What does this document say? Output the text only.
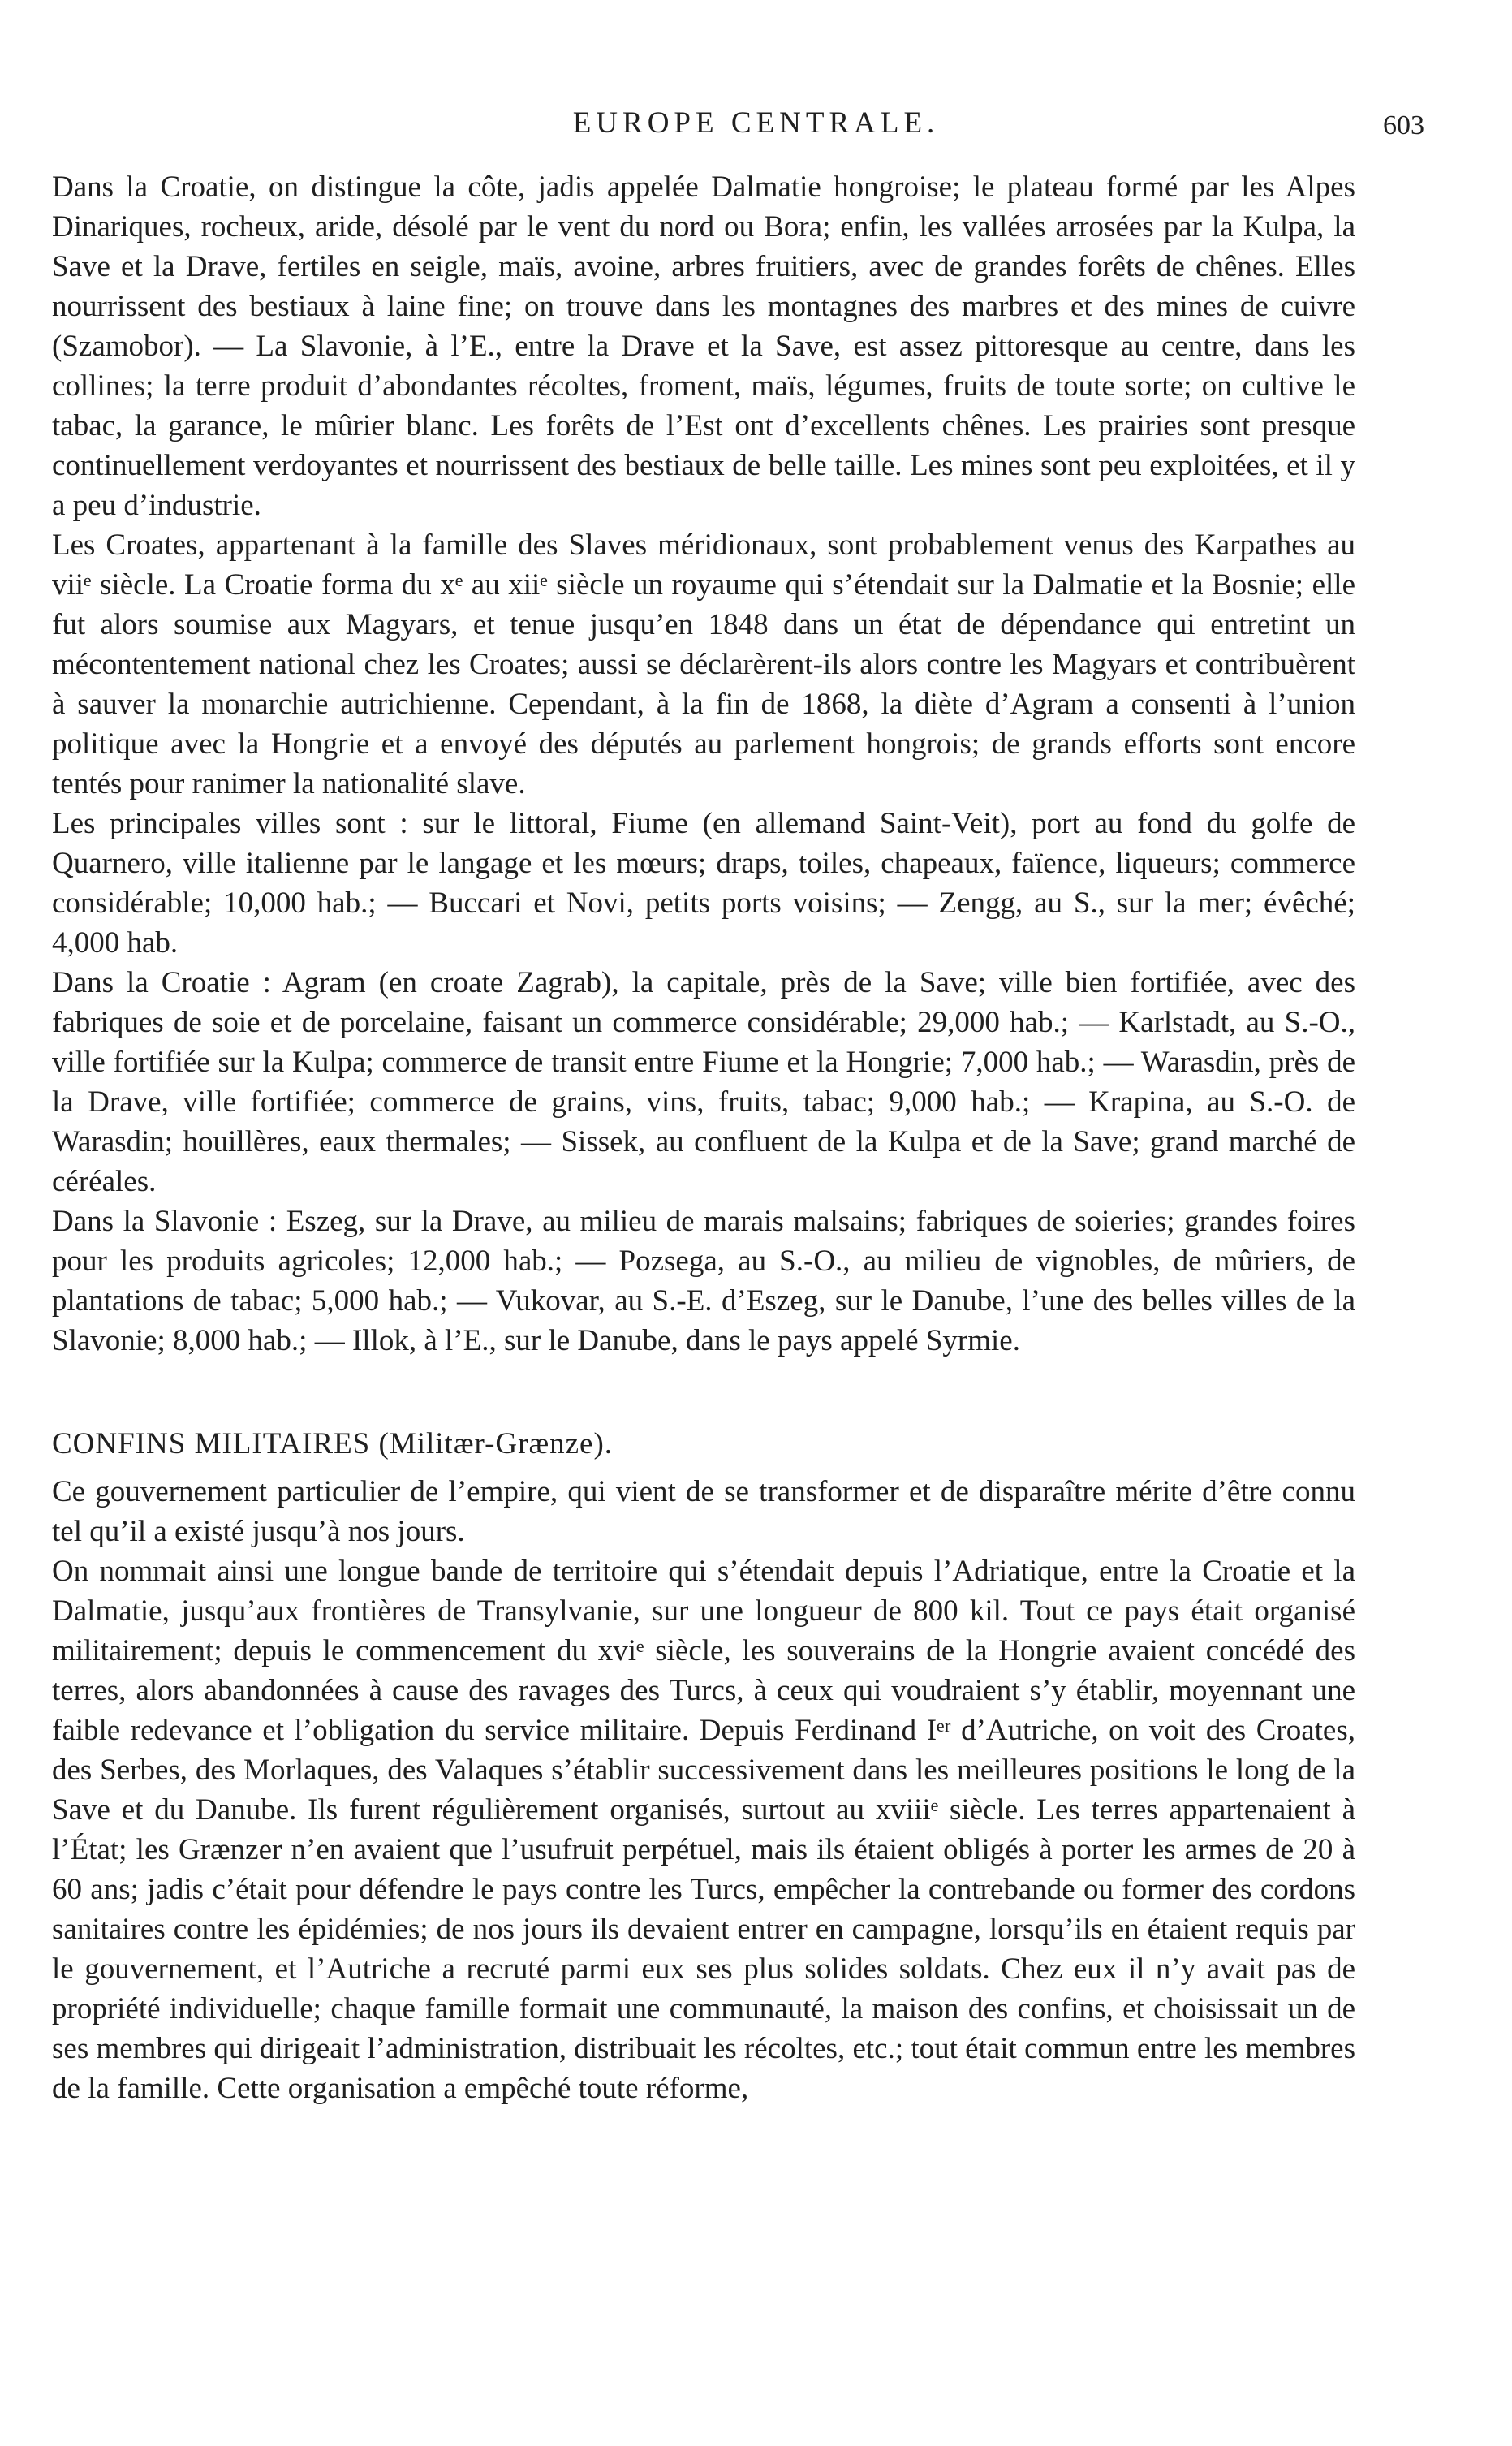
EUROPE CENTRALE.	603

Dans la Croatie, on distingue la côte, jadis appelée Dalmatie hongroise; le plateau formé par les Alpes Dinariques, rocheux, aride, désolé par le vent du nord ou Bora; enfin, les vallées arrosées par la Kulpa, la Save et la Drave, fertiles en seigle, maïs, avoine, arbres fruitiers, avec de grandes forêts de chênes. Elles nourrissent des bestiaux à laine fine; on trouve dans les montagnes des marbres et des mines de cuivre (Szamobor). — La Slavonie, à l’E., entre la Drave et la Save, est assez pittoresque au centre, dans les collines; la terre produit d’abondantes récoltes, froment, maïs, légumes, fruits de toute sorte; on cultive le tabac, la garance, le mûrier blanc. Les forêts de l’Est ont d’excellents chênes. Les prairies sont presque continuellement verdoyantes et nourrissent des bestiaux de belle taille. Les mines sont peu exploitées, et il y a peu d’industrie.

Les Croates, appartenant à la famille des Slaves méridionaux, sont probablement venus des Karpathes au viiᵉ siècle. La Croatie forma du xᵉ au xiiᵉ siècle un royaume qui s’étendait sur la Dalmatie et la Bosnie; elle fut alors soumise aux Magyars, et tenue jusqu’en 1848 dans un état de dépendance qui entretint un mécontentement national chez les Croates; aussi se déclarèrent-ils alors contre les Magyars et contribuèrent à sauver la monarchie autrichienne. Cependant, à la fin de 1868, la diète d’Agram a consenti à l’union politique avec la Hongrie et a envoyé des députés au parlement hongrois; de grands efforts sont encore tentés pour ranimer la nationalité slave.

Les principales villes sont : sur le littoral, Fiume (en allemand Saint-Veit), port au fond du golfe de Quarnero, ville italienne par le langage et les mœurs; draps, toiles, chapeaux, faïence, liqueurs; commerce considérable; 10,000 hab.; — Buccari et Novi, petits ports voisins; — Zengg, au S., sur la mer; évêché; 4,000 hab.

Dans la Croatie : Agram (en croate Zagrab), la capitale, près de la Save; ville bien fortifiée, avec des fabriques de soie et de porcelaine, faisant un commerce considérable; 29,000 hab.; — Karlstadt, au S.-O., ville fortifiée sur la Kulpa; commerce de transit entre Fiume et la Hongrie; 7,000 hab.; — Warasdin, près de la Drave, ville fortifiée; commerce de grains, vins, fruits, tabac; 9,000 hab.; — Krapina, au S.-O. de Warasdin; houillères, eaux thermales; — Sissek, au confluent de la Kulpa et de la Save; grand marché de céréales.

Dans la Slavonie : Eszeg, sur la Drave, au milieu de marais malsains; fabriques de soieries; grandes foires pour les produits agricoles; 12,000 hab.; — Pozsega, au S.-O., au milieu de vignobles, de mûriers, de plantations de tabac; 5,000 hab.; — Vukovar, au S.-E. d’Eszeg, sur le Danube, l’une des belles villes de la Slavonie; 8,000 hab.; — Illok, à l’E., sur le Danube, dans le pays appelé Syrmie.

CONFINS MILITAIRES (Militær-Grænze).

Ce gouvernement particulier de l’empire, qui vient de se transformer et de disparaître mérite d’être connu tel qu’il a existé jusqu’à nos jours.

On nommait ainsi une longue bande de territoire qui s’étendait depuis l’Adriatique, entre la Croatie et la Dalmatie, jusqu’aux frontières de Transylvanie, sur une longueur de 800 kil. Tout ce pays était organisé militairement; depuis le commencement du xviᵉ siècle, les souverains de la Hongrie avaient concédé des terres, alors abandonnées à cause des ravages des Turcs, à ceux qui voudraient s’y établir, moyennant une faible redevance et l’obligation du service militaire. Depuis Ferdinand Iᵉʳ d’Autriche, on voit des Croates, des Serbes, des Morlaques, des Valaques s’établir successivement dans les meilleures positions le long de la Save et du Danube. Ils furent régulièrement organisés, surtout au xviiiᵉ siècle. Les terres appartenaient à l’État; les Grænzer n’en avaient que l’usufruit perpétuel, mais ils étaient obligés à porter les armes de 20 à 60 ans; jadis c’était pour défendre le pays contre les Turcs, empêcher la contrebande ou former des cordons sanitaires contre les épidémies; de nos jours ils devaient entrer en campagne, lorsqu’ils en étaient requis par le gouvernement, et l’Autriche a recruté parmi eux ses plus solides soldats. Chez eux il n’y avait pas de propriété individuelle; chaque famille formait une communauté, la maison des confins, et choisissait un de ses membres qui dirigeait l’administration, distribuait les récoltes, etc.; tout était commun entre les membres de la famille. Cette organisation a empêché toute réforme,
